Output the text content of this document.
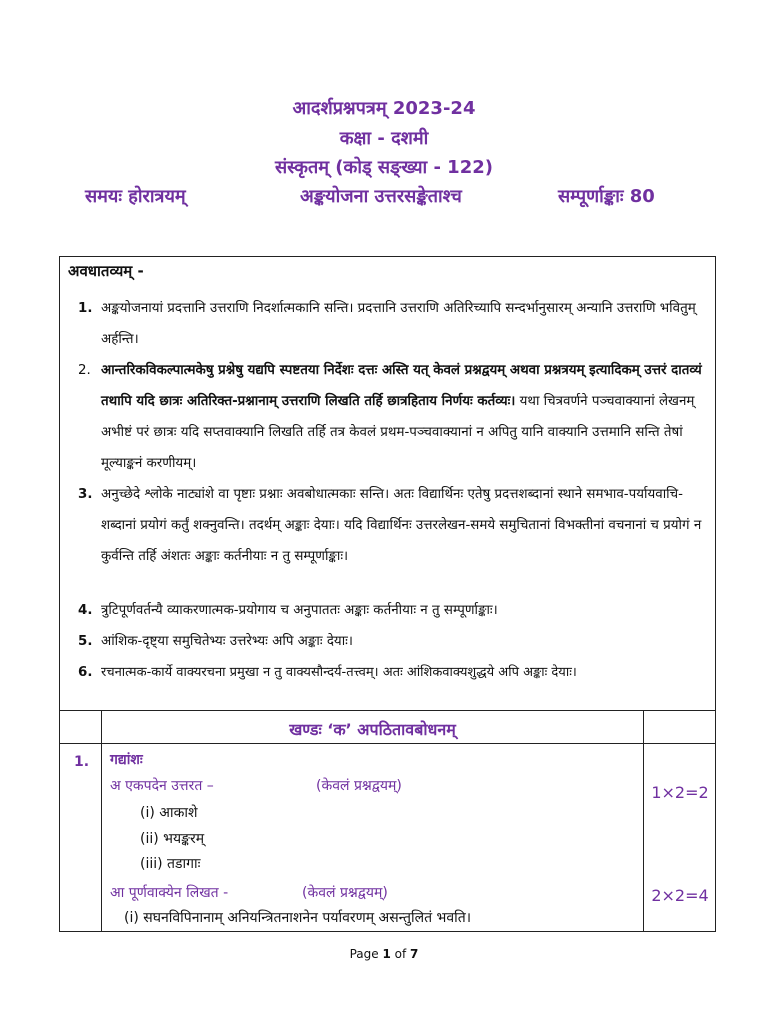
आदर्शप्रश्नपत्रम् 2023-24
कक्षा - दशमी
संस्कृतम् (कोड् सङ्ख्या - 122)
समयः होरात्रयम्	अङ्कयोजना उत्तरसङ्केताश्च	सम्पूर्णाङ्काः 80
अवधातव्यम् -
1. अङ्कयोजनायां प्रदत्तानि उत्तराणि निदर्शात्मकानि सन्ति। प्रदत्तानि उत्तराणि अतिरिच्यापि सन्दर्भानुसारम् अन्यानि उत्तराणि भवितुम् अर्हन्ति।
2. आन्तरिकविकल्पात्मकेषु प्रश्नेषु यद्यपि स्पष्टतया निर्देशः दत्तः अस्ति यत् केवलं प्रश्नद्वयम् अथवा प्रश्नत्रयम् इत्यादिकम् उत्तरं दातव्यं तथापि यदि छात्रः अतिरिक्त-प्रश्नानाम् उत्तराणि लिखति तर्हि छात्रहिताय निर्णयः कर्तव्यः। यथा चित्रवर्णने पञ्चवाक्यानां लेखनम् अभीष्टं परं छात्रः यदि सप्तवाक्यानि लिखति तर्हि तत्र केवलं प्रथम-पञ्चवाक्यानां न अपितु यानि वाक्यानि उत्तमानि सन्ति तेषां मूल्याङ्कनं करणीयम्।
3. अनुच्छेदे श्लोके नाट्यांशे वा पृष्टाः प्रश्नाः अवबोधात्मकाः सन्ति। अतः विद्यार्थिनः एतेषु प्रदत्तशब्दानां स्थाने समभाव-पर्यायवाचि-शब्दानां प्रयोगं कर्तुं शक्नुवन्ति। तदर्थम् अङ्काः देयाः। यदि विद्यार्थिनः उत्तरलेखन-समये समुचितानां विभक्तीनां वचनानां च प्रयोगं न कुर्वन्ति तर्हि अंशतः अङ्काः कर्तनीयाः न तु सम्पूर्णाङ्काः।
4. त्रुटिपूर्णवर्तन्यै व्याकरणात्मक-प्रयोगाय च अनुपाततः अङ्काः कर्तनीयाः न तु सम्पूर्णाङ्काः।
5. आंशिक-दृष्ट्या समुचितेभ्यः उत्तरेभ्यः अपि अङ्काः देयाः।
6. रचनात्मक-कार्ये वाक्यरचना प्रमुखा न तु वाक्यसौन्दर्य-तत्त्वम्। अतः आंशिकवाक्यशुद्धये अपि अङ्काः देयाः।
खण्डः ‘क’ अपठितावबोधनम्
1. गद्यांशः
अ एकपदेन उत्तरत –	(केवलं प्रश्नद्वयम्)	1×2=2
(i) आकाशे
(ii) भयङ्करम्
(iii) तडागाः
आ पूर्णवाक्येन लिखत -	(केवलं प्रश्नद्वयम्)	2×2=4
(i) सघनविपिनानाम् अनियन्त्रितनाशनेन पर्यावरणम् असन्तुलितं भवति।
Page 1 of 7
